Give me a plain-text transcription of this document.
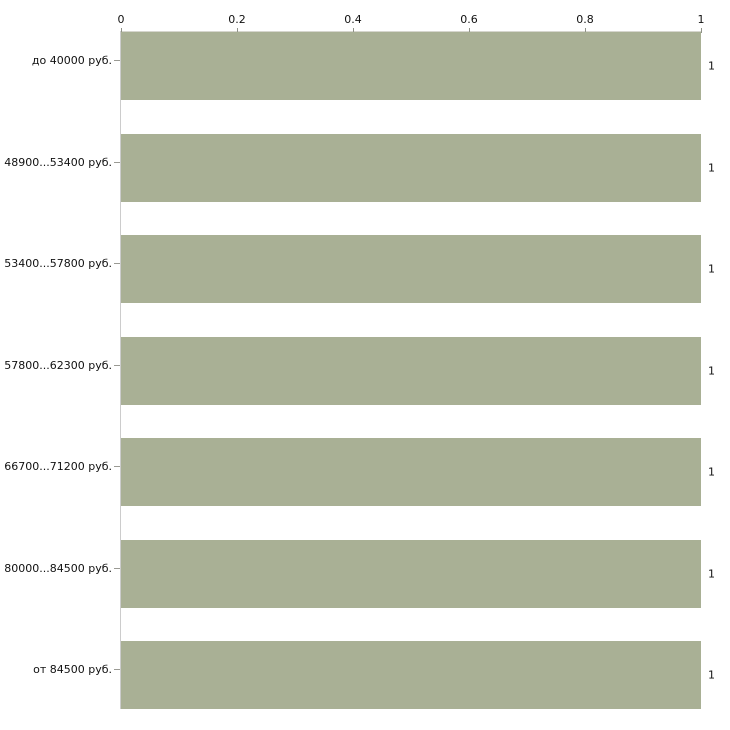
до 40000 руб.
48900...53400 руб.
53400...57800 руб.
57800...62300 руб.
66700...71200 руб.
80000...84500 руб.
от 84500 руб.
0	0.2	0.4	0.6	0.8	1
1
1
1
1
1
1
1
